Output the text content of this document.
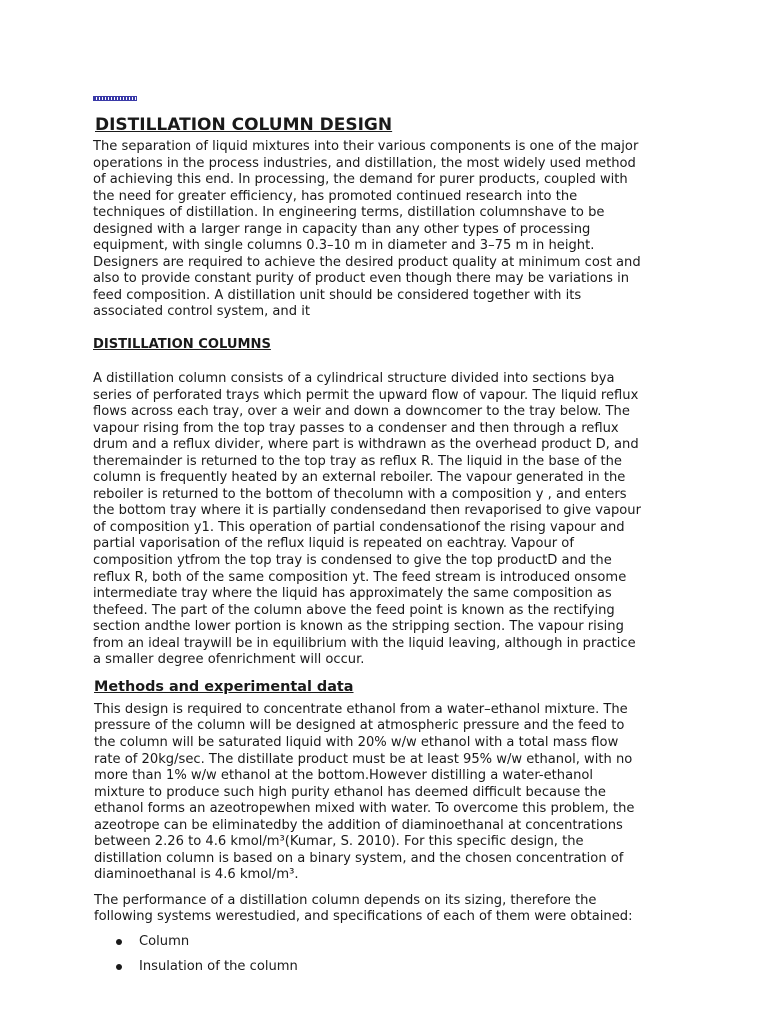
DISTILLATION COLUMN DESIGN
The separation of liquid mixtures into their various components is one of the major
operations in the process industries, and distillation, the most widely used method
of achieving this end. In processing, the demand for purer products, coupled with
the need for greater efficiency, has promoted continued research into the
techniques of distillation. In engineering terms, distillation columnshave to be
designed with a larger range in capacity than any other types of processing
equipment, with single columns 0.3–10 m in diameter and 3–75 m in height.
Designers are required to achieve the desired product quality at minimum cost and
also to provide constant purity of product even though there may be variations in
feed composition. A distillation unit should be considered together with its
associated control system, and it
DISTILLATION COLUMNS
A distillation column consists of a cylindrical structure divided into sections bya
series of perforated trays which permit the upward flow of vapour. The liquid reflux
flows across each tray, over a weir and down a downcomer to the tray below. The
vapour rising from the top tray passes to a condenser and then through a reflux
drum and a reflux divider, where part is withdrawn as the overhead product D, and
theremainder is returned to the top tray as reflux R. The liquid in the base of the
column is frequently heated by an external reboiler. The vapour generated in the
reboiler is returned to the bottom of thecolumn with a composition y , and enters
the bottom tray where it is partially condensedand then revaporised to give vapour
of composition y1. This operation of partial condensationof the rising vapour and
partial vaporisation of the reflux liquid is repeated on eachtray. Vapour of
composition ytfrom the top tray is condensed to give the top productD and the
reflux R, both of the same composition yt. The feed stream is introduced onsome
intermediate tray where the liquid has approximately the same composition as
thefeed. The part of the column above the feed point is known as the rectifying
section andthe lower portion is known as the stripping section. The vapour rising
from an ideal traywill be in equilibrium with the liquid leaving, although in practice
a smaller degree ofenrichment will occur.
Methods and experimental data
This design is required to concentrate ethanol from a water–ethanol mixture. The
pressure of the column will be designed at atmospheric pressure and the feed to
the column will be saturated liquid with 20% w/w ethanol with a total mass flow
rate of 20kg/sec. The distillate product must be at least 95% w/w ethanol, with no
more than 1% w/w ethanol at the bottom.However distilling a water-ethanol
mixture to produce such high purity ethanol has deemed difficult because the
ethanol forms an azeotropewhen mixed with water. To overcome this problem, the
azeotrope can be eliminatedby the addition of diaminoethanal at concentrations
between 2.26 to 4.6 kmol/m³(Kumar, S. 2010). For this specific design, the
distillation column is based on a binary system, and the chosen concentration of
diaminoethanal is 4.6 kmol/m³.
The performance of a distillation column depends on its sizing, therefore the
following systems werestudied, and specifications of each of them were obtained:
Column
Insulation of the column
